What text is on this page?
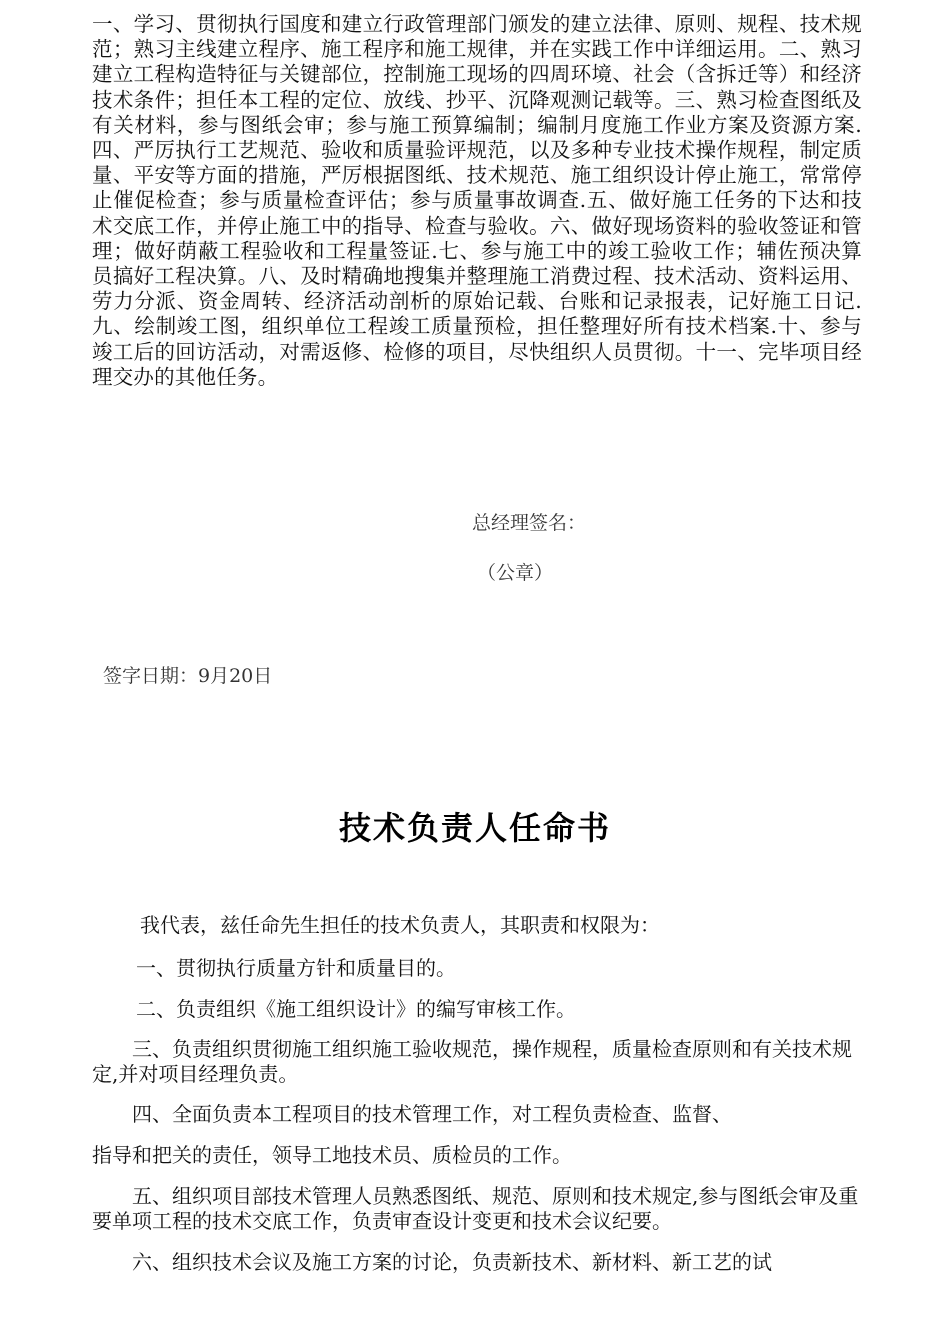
一、学习、贯彻执行国度和建立行政管理部门颁发的建立法律、原则、规程、技术规范；熟习主线建立程序、施工程序和施工规律，并在实践工作中详细运用。二、熟习建立工程构造特征与关键部位，控制施工现场的四周环境、社会（含拆迁等）和经济技术条件；担任本工程的定位、放线、抄平、沉降观测记载等。三、熟习检查图纸及有关材料，参与图纸会审；参与施工预算编制；编制月度施工作业方案及资源方案.四、严厉执行工艺规范、验收和质量验评规范，以及多种专业技术操作规程，制定质量、平安等方面的措施，严厉根据图纸、技术规范、施工组织设计停止施工，常常停止催促检查；参与质量检查评估；参与质量事故调查.五、做好施工任务的下达和技术交底工作，并停止施工中的指导、检查与验收。六、做好现场资料的验收签证和管理；做好荫蔽工程验收和工程量签证.七、参与施工中的竣工验收工作；辅佐预决算员搞好工程决算。八、及时精确地搜集并整理施工消费过程、技术活动、资料运用、劳力分派、资金周转、经济活动剖析的原始记载、台账和记录报表，记好施工日记.九、绘制竣工图，组织单位工程竣工质量预检，担任整理好所有技术档案.十、参与竣工后的回访活动，对需返修、检修的项目，尽快组织人员贯彻。十一、完毕项目经理交办的其他任务。
总经理签名：
（公章）
签字日期：9月20日
技术负责人任命书
我代表，兹任命先生担任的技术负责人，其职责和权限为：
一、贯彻执行质量方针和质量目的。
二、负责组织《施工组织设计》的编写审核工作。
三、负责组织贯彻施工组织施工验收规范，操作规程，质量检查原则和有关技术规定,并对项目经理负责。
四、全面负责本工程项目的技术管理工作，对工程负责检查、监督、
指导和把关的责任，领导工地技术员、质检员的工作。
五、组织项目部技术管理人员熟悉图纸、规范、原则和技术规定,参与图纸会审及重要单项工程的技术交底工作，负责审查设计变更和技术会议纪要。
六、组织技术会议及施工方案的讨论，负责新技术、新材料、新工艺的试
